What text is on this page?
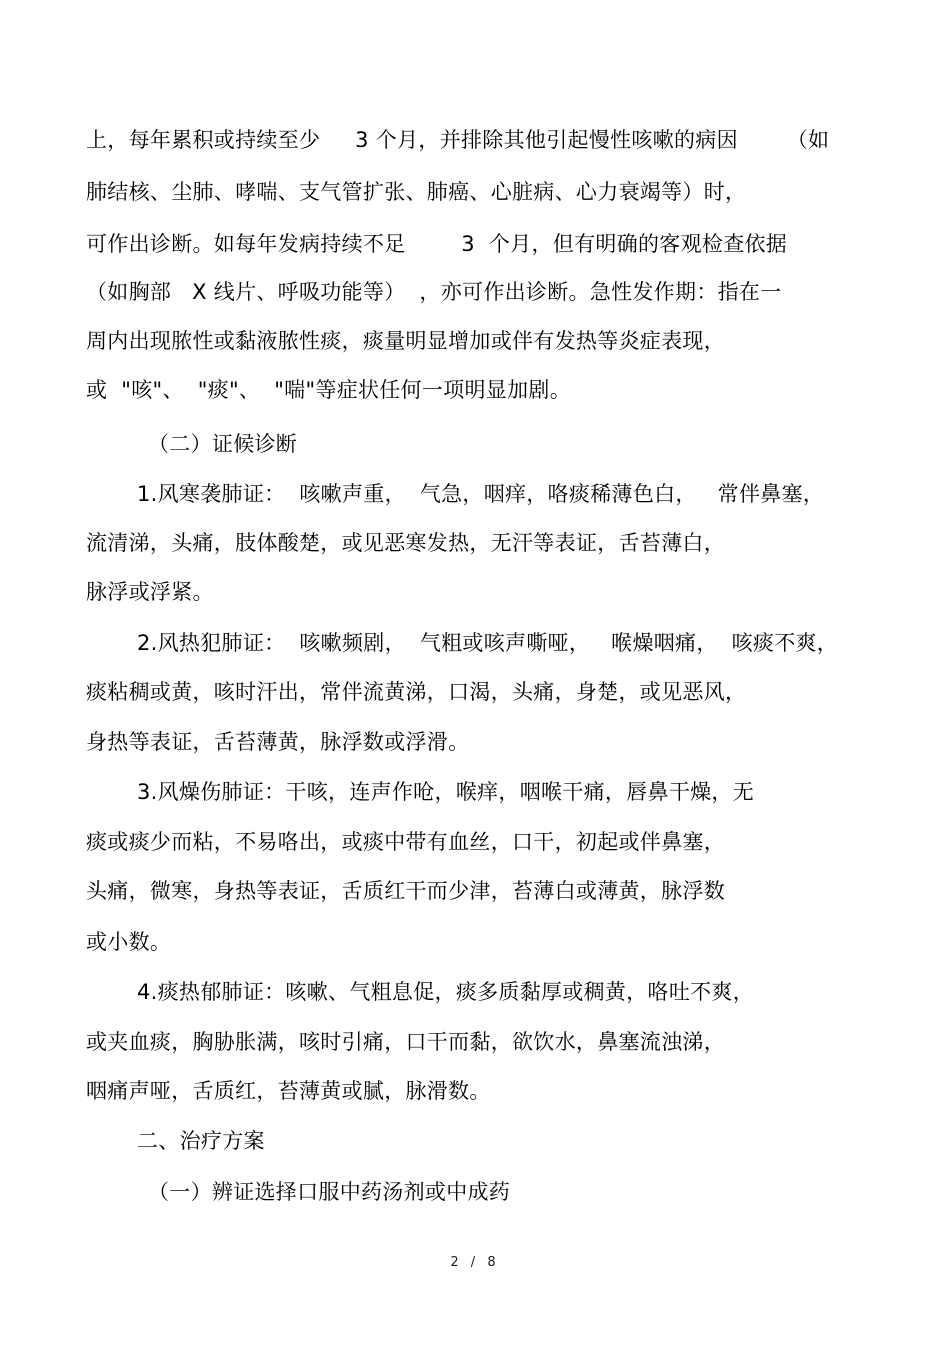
上，每年累积或持续至少     3 个月，并排除其他引起慢性咳嗽的病因       （如
肺结核、尘肺、哮喘、支气管扩张、肺癌、心脏病、心力衰竭等）时，
可作出诊断。如每年发病持续不足        3  个月，但有明确的客观检查依据
（如胸部   X 线片、呼吸功能等）  ，亦可作出诊断。急性发作期：指在一
周内出现脓性或黏液脓性痰，痰量明显增加或伴有发热等炎症表现，
或  "咳"、  "痰"、  "喘"等症状任何一项明显加剧。
（二）证候诊断
1.风寒袭肺证：  咳嗽声重，  气急，咽痒，咯痰稀薄色白，   常伴鼻塞，
流清涕，头痛，肢体酸楚，或见恶寒发热，无汗等表证，舌苔薄白，
脉浮或浮紧。
2.风热犯肺证：  咳嗽频剧，  气粗或咳声嘶哑，   喉燥咽痛，  咳痰不爽，
痰粘稠或黄，咳时汗出，常伴流黄涕，口渴，头痛，身楚，或见恶风，
身热等表证，舌苔薄黄，脉浮数或浮滑。
3.风燥伤肺证：干咳，连声作呛，喉痒，咽喉干痛，唇鼻干燥，无
痰或痰少而粘，不易咯出，或痰中带有血丝，口干，初起或伴鼻塞，
头痛，微寒，身热等表证，舌质红干而少津，苔薄白或薄黄，脉浮数
或小数。
4.痰热郁肺证：咳嗽、气粗息促，痰多质黏厚或稠黄，咯吐不爽，
或夹血痰，胸胁胀满，咳时引痛，口干而黏，欲饮水，鼻塞流浊涕，
咽痛声哑，舌质红，苔薄黄或腻，脉滑数。
二、治疗方案
（一）辨证选择口服中药汤剂或中成药
2 / 8
